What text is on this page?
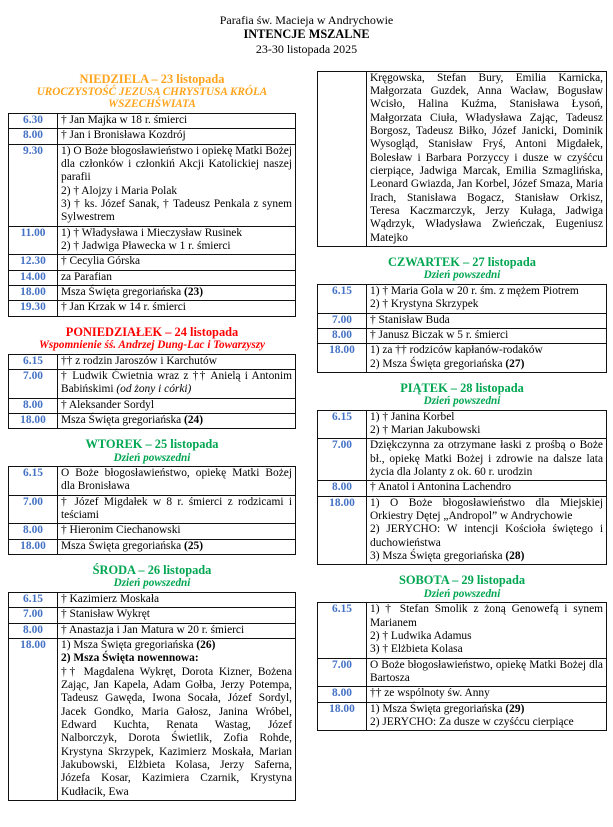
Parafia św. Macieja w Andrychowie
INTENCJE MSZALNE
23-30 listopada 2025
NIEDZIELA – 23 listopada
UROCZYSTOŚĆ JEZUSA CHRYSTUSA KRÓLA WSZECHŚWIATA
6.30	† Jan Majka w 18 r. śmierci

8.00	† Jan i Bronisława Kozdrój

9.30	1) O Boże błogosławieństwo i opiekę Matki Bożej dla członków i członkiń Akcji Katolickiej naszej parafii
2) † Alojzy i Maria Polak
3) † ks. Józef Sanak, † Tadeusz Penkala z synem Sylwestrem

11.00	1) † Władysława i Mieczysław Rusinek
2) † Jadwiga Pławecka w 1 r. śmierci

12.30	† Cecylia Górska

14.00	za Parafian

18.00	Msza Święta gregoriańska (23)

19.30	† Jan Krzak w 14 r. śmierci
PONIEDZIAŁEK – 24 listopada
Wspomnienie śś. Andrzej Dung-Lac i Towarzyszy
6.15	†† z rodzin Jaroszów i Karchutów

7.00	† Ludwik Ćwietnia wraz z †† Anielą i Antonim Babińskimi (od żony i córki)

8.00	† Aleksander Sordyl

18.00	Msza Święta gregoriańska (24)
WTOREK – 25 listopada
Dzień powszedni
6.15	O Boże błogosławieństwo, opiekę Matki Bożej dla Bronisława

7.00	† Józef Migdałek w 8 r. śmierci z rodzicami i teściami

8.00	† Hieronim Ciechanowski

18.00	Msza Święta gregoriańska (25)
ŚRODA – 26 listopada
Dzień powszedni
6.15	† Kazimierz Moskała

7.00	† Stanisław Wykręt

8.00	† Anastazja i Jan Matura w 20 r. śmierci

18.00	1) Msza Święta gregoriańska (26)
2) Msza Święta nowennowa:
†† Magdalena Wykręt, Dorota Kizner, Bożena Zając, Jan Kapela, Adam Gołba, Jerzy Potempa, Tadeusz Gawęda, Iwona Socała, Józef Sordyl, Jacek Gondko, Maria Gałosz, Janina Wróbel, Edward Kuchta, Renata Wastag, Józef Nalborczyk, Dorota Świetlik, Zofia Rohde, Krystyna Skrzypek, Kazimierz Moskała, Marian Jakubowski, Elżbieta Kolasa, Jerzy Saferna, Józefa Kosar, Kazimiera Czarnik, Krystyna Kudłacik, Ewa

Kręgowska, Stefan Bury, Emilia Karnicka, Małgorzata Guzdek, Anna Wacław, Bogusław Wcisło, Halina Kuźma, Stanisława Łysoń, Małgorzata Ciuła, Władysława Zając, Tadeusz Borgosz, Tadeusz Biłko, Józef Janicki, Dominik Wysogląd, Stanisław Fryś, Antoni Migdałek, Bolesław i Barbara Porzyccy i dusze w czyśćcu cierpiące, Jadwiga Marcak, Emilia Szmaglińska, Leonard Gwiazda, Jan Korbel, Józef Smaza, Maria Irach, Stanisława Bogacz, Stanisław Orkisz, Teresa Kaczmarczyk, Jerzy Kułaga, Jadwiga Wądrzyk, Władysława Zwieńczak, Eugeniusz Matejko
CZWARTEK – 27 listopada
Dzień powszedni
6.15	1) † Maria Gola w 20 r. śm. z mężem Piotrem
2) † Krystyna Skrzypek

7.00	† Stanisław Buda

8.00	† Janusz Biczak w 5 r. śmierci

18.00	1) za †† rodziców kapłanów-rodaków
2) Msza Święta gregoriańska (27)
PIĄTEK – 28 listopada
Dzień powszedni
6.15	1) † Janina Korbel
2) † Marian Jakubowski

7.00	Dziękczynna za otrzymane łaski z prośbą o Boże bł., opiekę Matki Bożej i zdrowie na dalsze lata życia dla Jolanty z ok. 60 r. urodzin

8.00	† Anatol i Antonina Lachendro

18.00	1) O Boże błogosławieństwo dla Miejskiej Orkiestry Dętej „Andropol” w Andrychowie
2) JERYCHO: W intencji Kościoła świętego i duchowieństwa
3) Msza Święta gregoriańska (28)
SOBOTA – 29 listopada
Dzień powszedni
6.15	1) † Stefan Smolik z żoną Genowefą i synem Marianem
2) † Ludwika Adamus
3) † Elżbieta Kolasa

7.00	O Boże błogosławieństwo, opiekę Matki Bożej dla Bartosza

8.00	†† ze wspólnoty św. Anny

18.00	1) Msza Święta gregoriańska (29)
2) JERYCHO: Za dusze w czyśćcu cierpiące
